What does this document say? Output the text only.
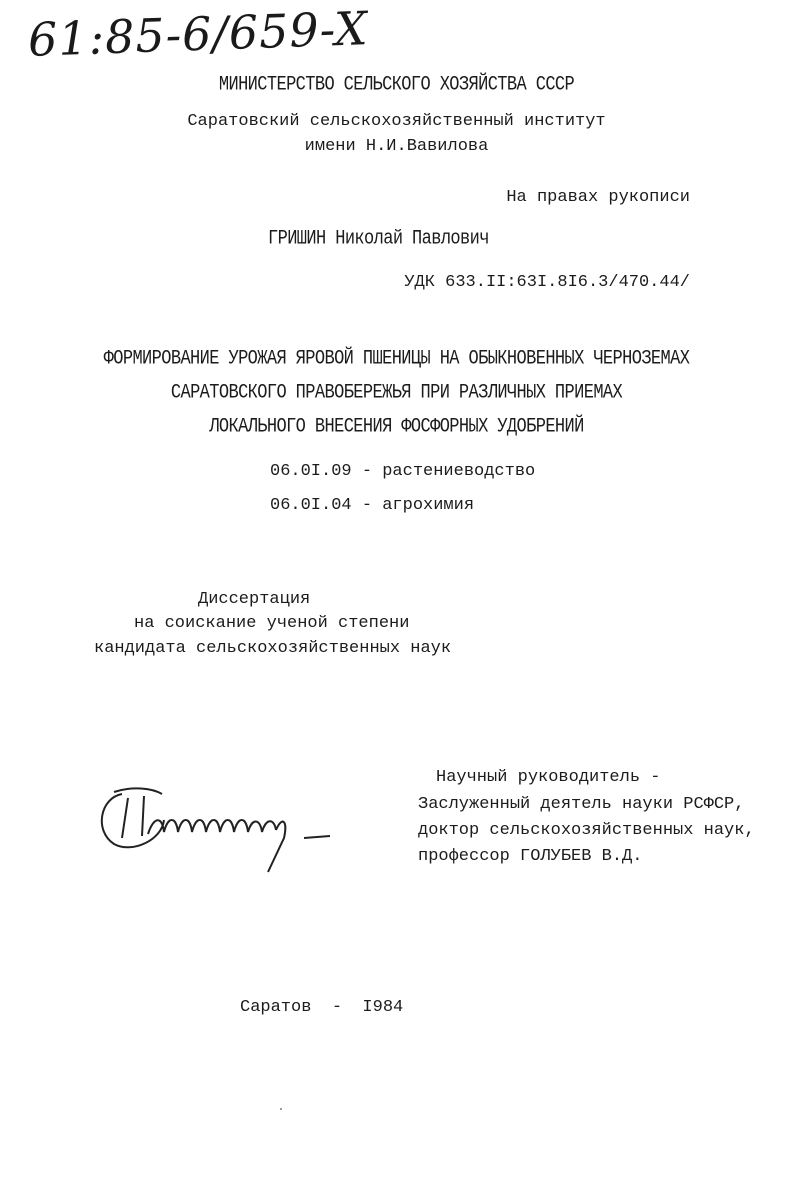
61:85-6/659-X
МИНИСТЕРСТВО СЕЛЬСКОГО ХОЗЯЙСТВА СССР
Саратовский сельскохозяйственный институт
имени Н.И.Вавилова
На правах рукописи
ГРИШИН Николай Павлович
УДК 633.II:63I.8I6.3/470.44/
ФОРМИРОВАНИЕ УРОЖАЯ ЯРОВОЙ ПШЕНИЦЫ НА ОБЫКНОВЕННЫХ ЧЕРНОЗЕМАХ
САРАТОВСКОГО ПРАВОБЕРЕЖЬЯ ПРИ РАЗЛИЧНЫХ ПРИЕМАХ
ЛОКАЛЬНОГО ВНЕСЕНИЯ ФОСФОРНЫХ УДОБРЕНИЙ
06.0I.09 - растениеводство
06.0I.04 - агрохимия
Диссертация
на соискание ученой степени
кандидата сельскохозяйственных наук
Научный руководитель -
Заслуженный деятель науки РСФСР,
доктор сельскохозяйственных наук,
профессор ГОЛУБЕВ В.Д.
Саратов  -  I984
